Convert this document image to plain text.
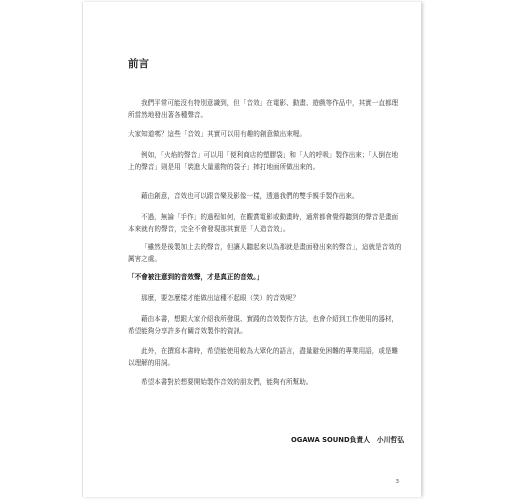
前言

我們平常可能沒有特別意識到，但「音效」在電影、動畫、遊戲等作品中，其實一直都理所當然地發出著各種聲音。

大家知道嗎？這些「音效」其實可以用有趣的創意做出來喔。

例如，「火焰的聲音」可以用「便利商店的塑膠袋」和「人的呼吸」製作出來；「人倒在地上的聲音」則是用「裝進大量重物的袋子」摔打地面所做出來的。

藉由創意，音效也可以跟音樂及影像一樣，透過我們的雙手親手製作出來。

不過，無論「手作」的過程如何，在觀賞電影或動畫時，通常都會覺得聽到的聲音是畫面本來就有的聲音，完全不會發現那其實是「人造音效」。

「雖然是後製加上去的聲音，但讓人聽起來以為那就是畫面發出來的聲音」，這就是音效的厲害之處。

「不會被注意到的音效聲，才是真正的音效。」

那麼，要怎麼樣才能做出這種不起眼（笑）的音效呢？

藉由本書，想跟大家介紹我所發現、實踐的音效製作方法，也會介紹到工作使用的器材，希望能夠分享許多有關音效製作的資訊。

此外，在撰寫本書時，希望能使用較為大眾化的語言，盡量避免困難的專業用語，或是難以理解的用詞。

希望本書對於想要開始製作音效的朋友們，能夠有所幫助。

OGAWA SOUND負責人　小川哲弘
3
